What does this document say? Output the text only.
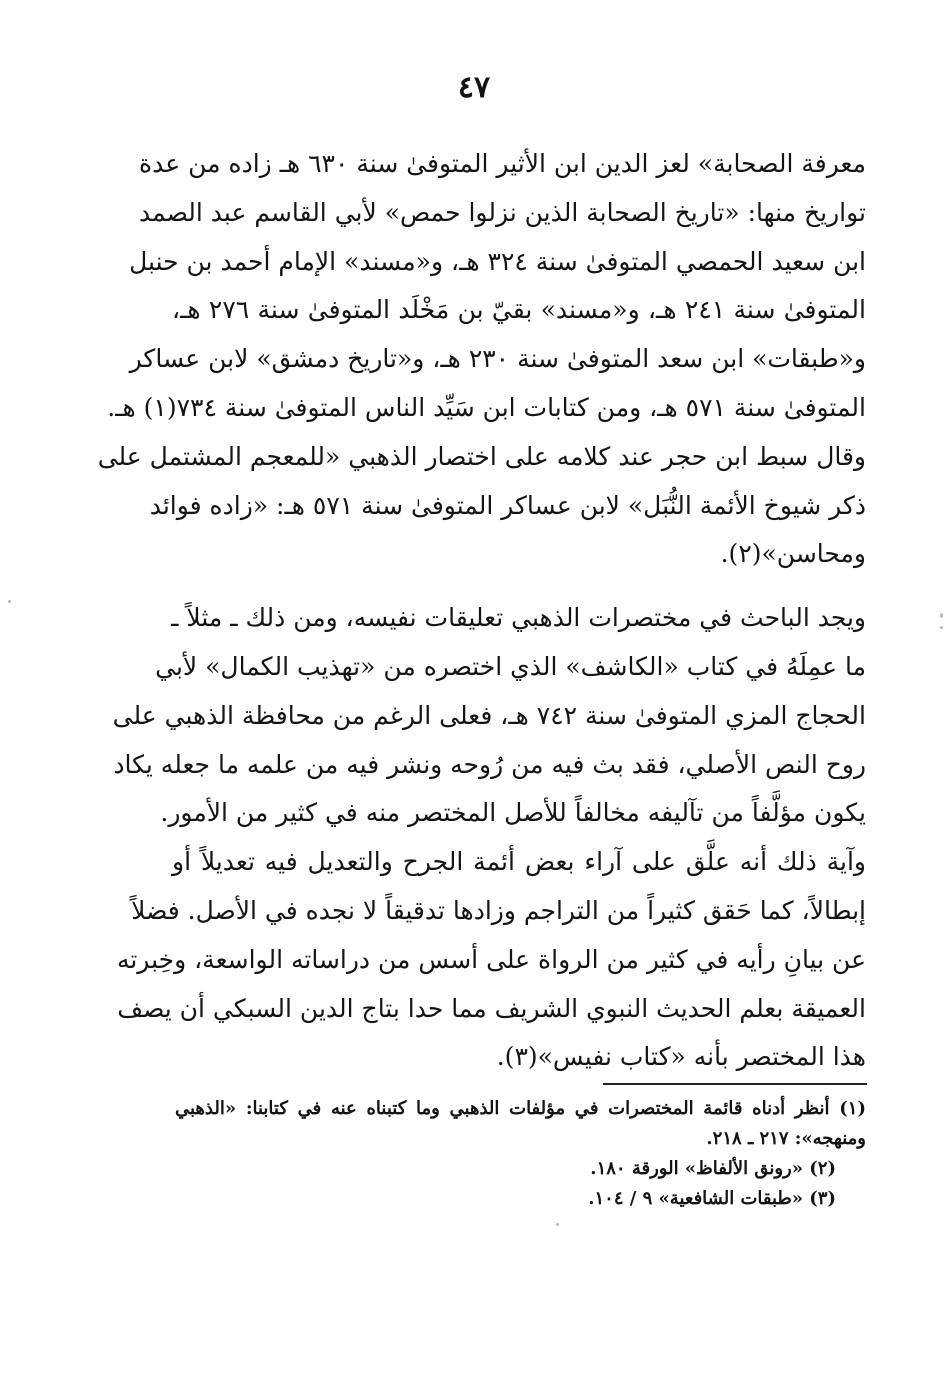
٤٧
معرفة الصحابة» لعز الدين ابن الأثير المتوفىٰ سنة ٦٣٠ هـ زاده من عدة
تواريخ منها: «تاريخ الصحابة الذين نزلوا حمص» لأبي القاسم عبد الصمد
ابن سعيد الحمصي المتوفىٰ سنة ٣٢٤ هـ، و«مسند» الإمام أحمد بن حنبل
المتوفىٰ سنة ٢٤١ هـ، و«مسند» بقيّ بن مَخْلَد المتوفىٰ سنة ٢٧٦ هـ،
و«طبقات» ابن سعد المتوفىٰ سنة ٢٣٠ هـ، و«تاريخ دمشق» لابن عساكر
المتوفىٰ سنة ٥٧١ هـ، ومن كتابات ابن سَيِّد الناس المتوفىٰ سنة ٧٣٤(١) هـ.
وقال سبط ابن حجر عند كلامه على اختصار الذهبي «للمعجم المشتمل على
ذكر شيوخ الأئمة النُّبَل» لابن عساكر المتوفىٰ سنة ٥٧١ هـ: «زاده فوائد
ومحاسن»(٢).
ويجد الباحث في مختصرات الذهبي تعليقات نفيسه، ومن ذلك ـ مثلاً ـ
ما عمِلَهُ في كتاب «الكاشف» الذي اختصره من «تهذيب الكمال» لأبي
الحجاج المزي المتوفىٰ سنة ٧٤٢ هـ، فعلى الرغم من محافظة الذهبي على
روح النص الأصلي، فقد بث فيه من رُوحه ونشر فيه من علمه ما جعله يكاد
يكون مؤلَّفاً من تآليفه مخالفاً للأصل المختصر منه في كثير من الأمور.
وآية ذلك أنه علَّق على آراء بعض أئمة الجرح والتعديل فيه تعديلاً أو
إبطالاً، كما حَقق كثيراً من التراجم وزادها تدقيقاً لا نجده في الأصل. فضلاً
عن بيانِ رأيه في كثير من الرواة على أسس من دراساته الواسعة، وخِبرته
العميقة بعلم الحديث النبوي الشريف مما حدا بتاج الدين السبكي أن يصف
هذا المختصر بأنه «كتاب نفيس»(٣).
(١) أنظر أدناه قائمة المختصرات في مؤلفات الذهبي وما كتبناه عنه في كتابنا: «الذهبي
ومنهجه»: ٢١٧ ـ ٢١٨.
(٢) «رونق الألفاظ» الورقة ١٨٠.
(٣) «طبقات الشافعية» ٩ / ١٠٤.
